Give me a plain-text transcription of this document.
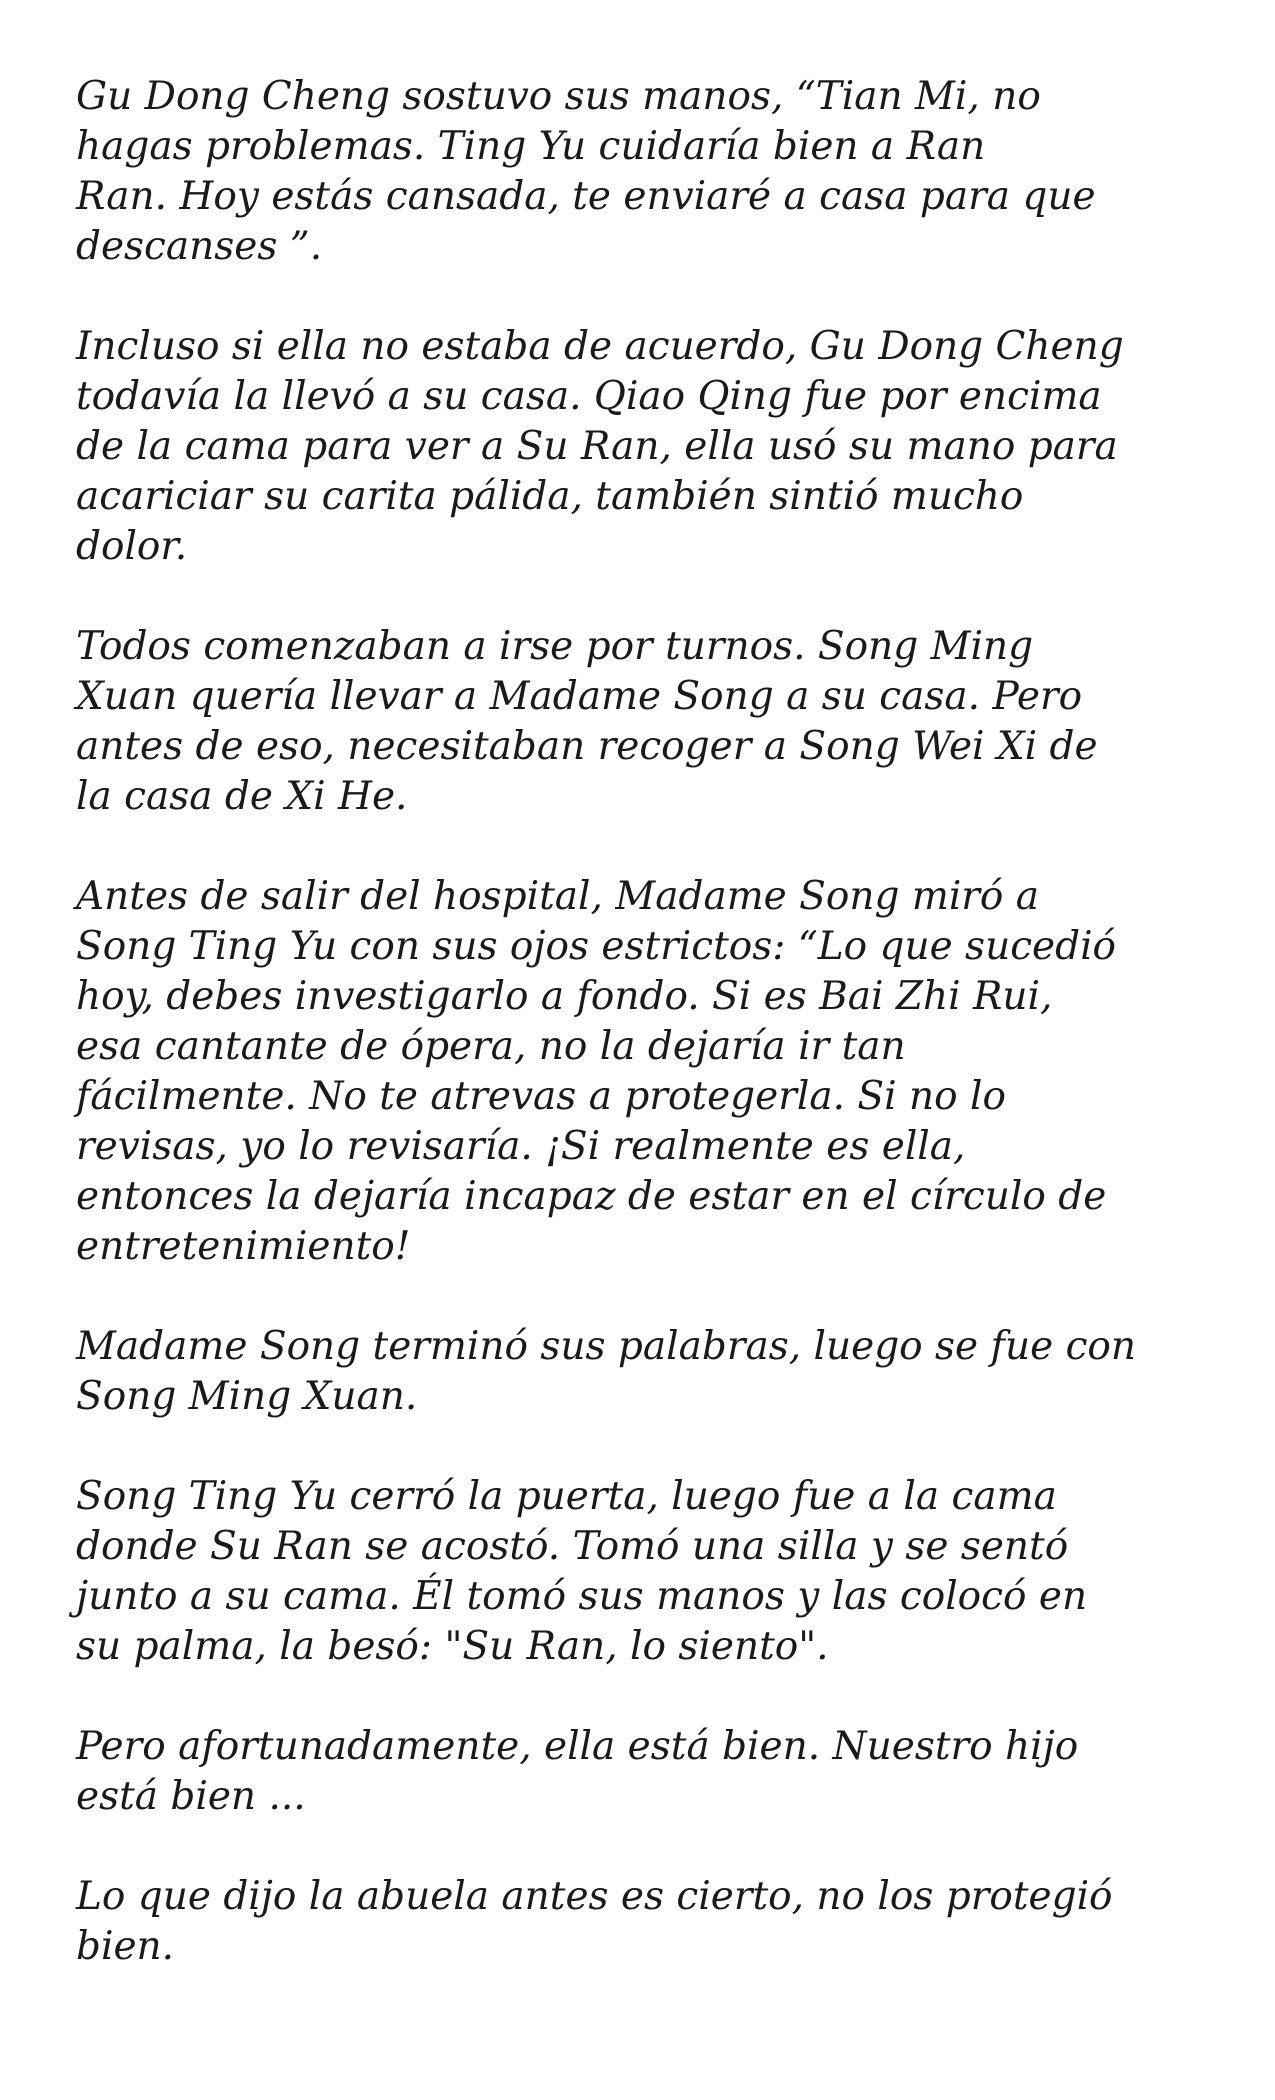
Gu Dong Cheng sostuvo sus manos, “Tian Mi, no
hagas problemas. Ting Yu cuidaría bien a Ran
Ran. Hoy estás cansada, te enviaré a casa para que
descanses ”.

Incluso si ella no estaba de acuerdo, Gu Dong Cheng
todavía la llevó a su casa. Qiao Qing fue por encima
de la cama para ver a Su Ran, ella usó su mano para
acariciar su carita pálida, también sintió mucho
dolor.

Todos comenzaban a irse por turnos. Song Ming
Xuan quería llevar a Madame Song a su casa. Pero
antes de eso, necesitaban recoger a Song Wei Xi de
la casa de Xi He.

Antes de salir del hospital, Madame Song miró a
Song Ting Yu con sus ojos estrictos: “Lo que sucedió
hoy, debes investigarlo a fondo. Si es Bai Zhi Rui,
esa cantante de ópera, no la dejaría ir tan
fácilmente. No te atrevas a protegerla. Si no lo
revisas, yo lo revisaría. ¡Si realmente es ella,
entonces la dejaría incapaz de estar en el círculo de
entretenimiento!

Madame Song terminó sus palabras, luego se fue con
Song Ming Xuan.

Song Ting Yu cerró la puerta, luego fue a la cama
donde Su Ran se acostó. Tomó una silla y se sentó
junto a su cama. Él tomó sus manos y las colocó en
su palma, la besó: "Su Ran, lo siento".

Pero afortunadamente, ella está bien. Nuestro hijo
está bien ...

Lo que dijo la abuela antes es cierto, no los protegió
bien.
